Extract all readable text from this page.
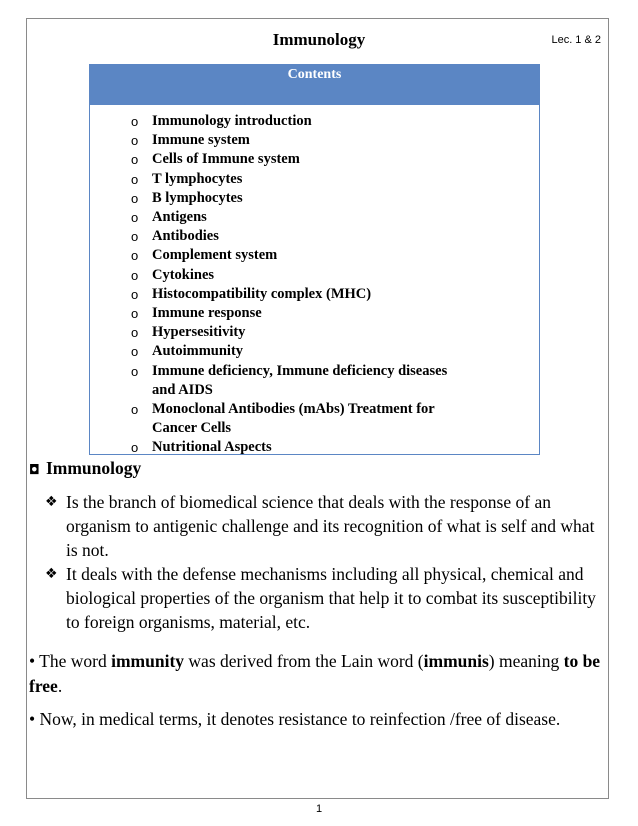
Immunology	Lec. 1 & 2
Contents
o Immunology introduction
o Immune system
o Cells of Immune system
o T lymphocytes
o B lymphocytes
o Antigens
o Antibodies
o Complement system
o Cytokines
o Histocompatibility complex (MHC)
o Immune response
o Hypersesitivity
o Autoimmunity
o Immune deficiency, Immune deficiency diseases and AIDS
o Monoclonal Antibodies (mAbs) Treatment for Cancer Cells
o Nutritional Aspects
◘ Immunology
❖ Is the branch of biomedical science that deals with the response of an organism to antigenic challenge and its recognition of what is self and what is not.
❖ It deals with the defense mechanisms including all physical, chemical and biological properties of the organism that help it to combat its susceptibility to foreign organisms, material, etc.
• The word immunity was derived from the Lain word (immunis) meaning to be free.
• Now, in medical terms, it denotes resistance to reinfection /free of disease.
1
